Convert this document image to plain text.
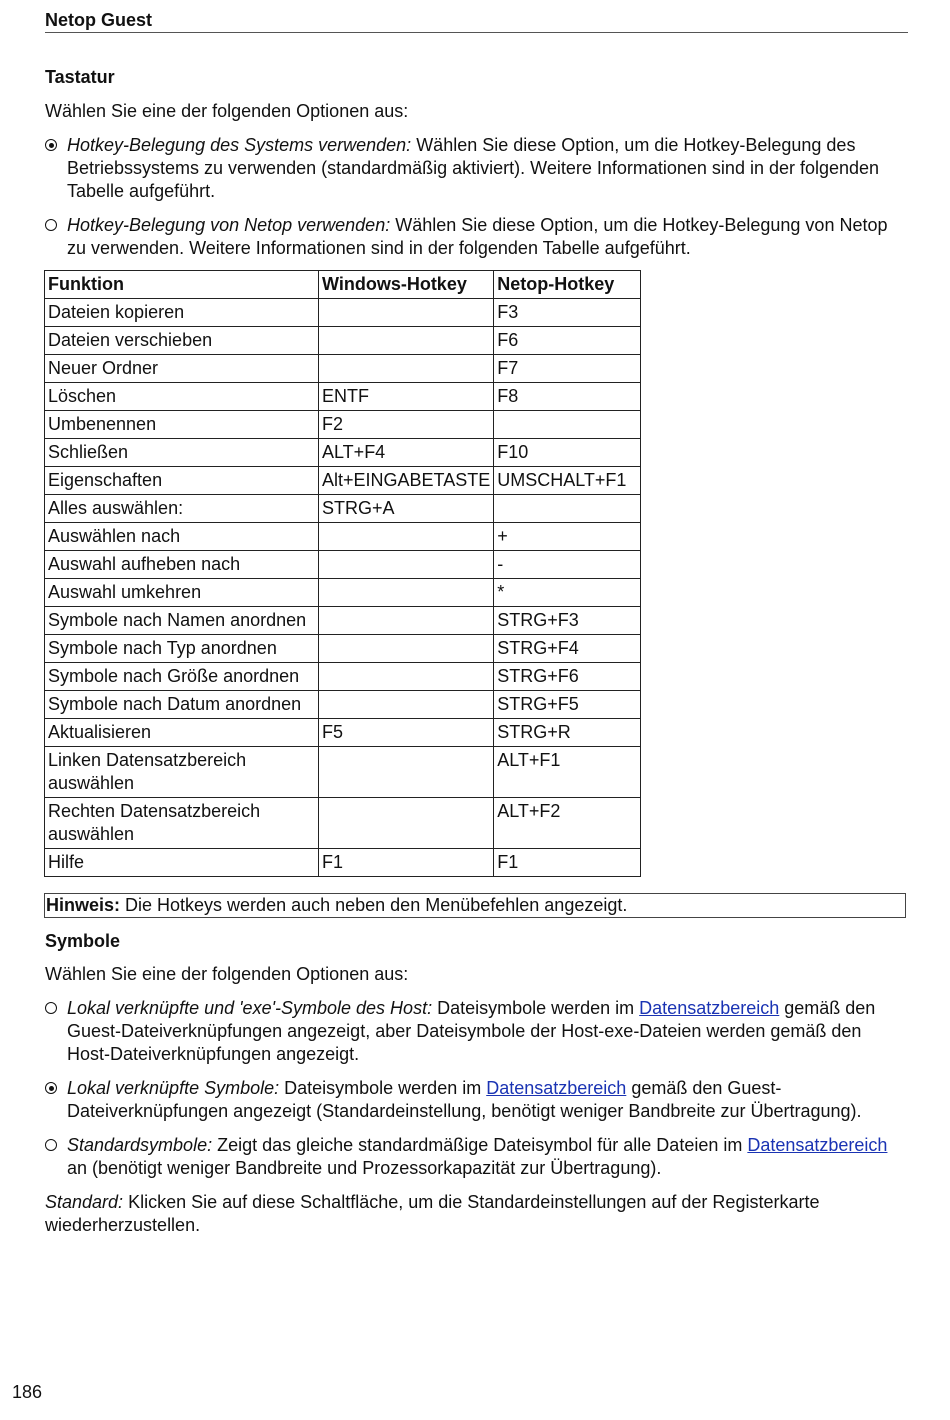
Netop Guest
Tastatur
Wählen Sie eine der folgenden Optionen aus:
Hotkey-Belegung des Systems verwenden: Wählen Sie diese Option, um die Hotkey-Belegung des Betriebssystems zu verwenden (standardmäßig aktiviert). Weitere Informationen sind in der folgenden Tabelle aufgeführt.
Hotkey-Belegung von Netop verwenden: Wählen Sie diese Option, um die Hotkey-Belegung von Netop zu verwenden. Weitere Informationen sind in der folgenden Tabelle aufgeführt.
Funktion	Windows-Hotkey	Netop-Hotkey
Dateien kopieren		F3
Dateien verschieben		F6
Neuer Ordner		F7
Löschen	ENTF	F8
Umbenennen	F2	
Schließen	ALT+F4	F10
Eigenschaften	Alt+EINGABETASTE	UMSCHALT+F1
Alles auswählen:	STRG+A	
Auswählen nach		+
Auswahl aufheben nach		-
Auswahl umkehren		*
Symbole nach Namen anordnen		STRG+F3
Symbole nach Typ anordnen		STRG+F4
Symbole nach Größe anordnen		STRG+F6
Symbole nach Datum anordnen		STRG+F5
Aktualisieren	F5	STRG+R
Linken Datensatzbereich auswählen		ALT+F1
Rechten Datensatzbereich auswählen		ALT+F2
Hilfe	F1	F1
Hinweis: Die Hotkeys werden auch neben den Menübefehlen angezeigt.
Symbole
Wählen Sie eine der folgenden Optionen aus:
Lokal verknüpfte und 'exe'-Symbole des Host: Dateisymbole werden im Datensatzbereich gemäß den Guest-Dateiverknüpfungen angezeigt, aber Dateisymbole der Host-exe-Dateien werden gemäß den Host-Dateiverknüpfungen angezeigt.
Lokal verknüpfte Symbole: Dateisymbole werden im Datensatzbereich gemäß den Guest-Dateiverknüpfungen angezeigt (Standardeinstellung, benötigt weniger Bandbreite zur Übertragung).
Standardsymbole: Zeigt das gleiche standardmäßige Dateisymbol für alle Dateien im Datensatzbereich an (benötigt weniger Bandbreite und Prozessorkapazität zur Übertragung).
Standard: Klicken Sie auf diese Schaltfläche, um die Standardeinstellungen auf der Registerkarte wiederherzustellen.
186
